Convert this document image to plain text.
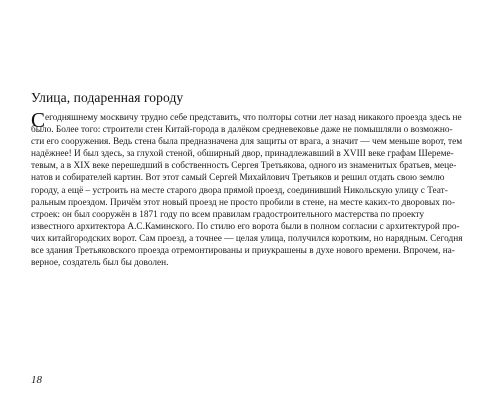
Улица, подаренная городу
С егодняшнему москвичу трудно себе представить, что полторы сотни лет назад никакого проезда здесь не
было. Более того: строители стен Китай-города в далёком средневековье даже не помышляли о возможно-
сти его сооружения. Ведь стена была предназначена для защиты от врага, а значит — чем меньше ворот, тем
надёжнее! И был здесь, за глухой стеной, обширный двор, принадлежавший в XVIII веке графам Шереме-
тевым, а в XIX веке перешедший в собственность Сергея Третьякова, одного из знаменитых братьев, меце-
натов и собирателей картин. Вот этот самый Сергей Михайлович Третьяков и решил отдать свою землю
городу, а ещё – устроить на месте старого двора прямой проезд, соединивший Никольскую улицу с Теат-
ральным проездом. Причём этот новый проезд не просто пробили в стене, на месте каких-то дворовых по-
строек: он был сооружён в 1871 году по всем правилам градостроительного мастерства по проекту
известного архитектора А.С.Каминского. По стилю его ворота были в полном согласии с архитектурой про-
чих китайгородских ворот. Сам проезд, а точнее — целая улица, получился коротким, но нарядным. Сегодня
все здания Третьяковского проезда отремонтированы и приукрашены в духе нового времени. Впрочем, на-
верное, создатель был бы доволен.
18
